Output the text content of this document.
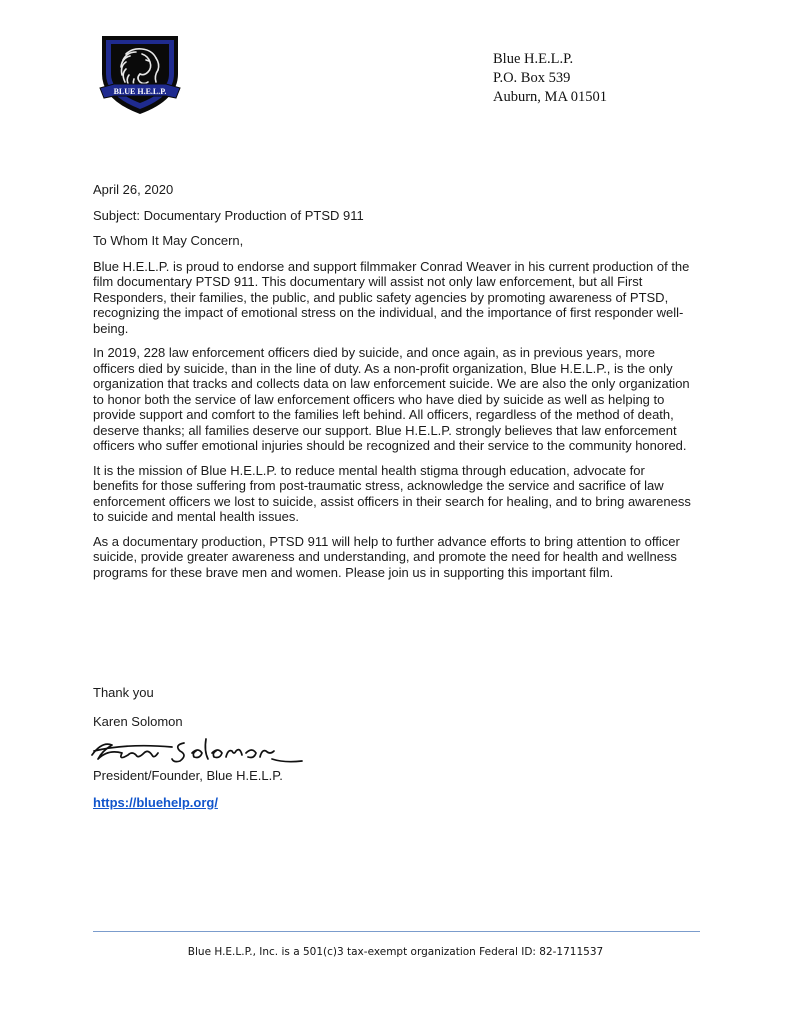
BLUE H.E.L.P.
Blue H.E.L.P.
P.O. Box 539
Auburn, MA 01501

April 26, 2020

Subject: Documentary Production of PTSD 911

To Whom It May Concern,

Blue H.E.L.P. is proud to endorse and support filmmaker Conrad Weaver in his current production of the film documentary PTSD 911. This documentary will assist not only law enforcement, but all First Responders, their families, the public, and public safety agencies by promoting awareness of PTSD, recognizing the impact of emotional stress on the individual, and the importance of first responder well-being.

In 2019, 228 law enforcement officers died by suicide, and once again, as in previous years, more officers died by suicide, than in the line of duty. As a non-profit organization, Blue H.E.L.P., is the only organization that tracks and collects data on law enforcement suicide. We are also the only organization to honor both the service of law enforcement officers who have died by suicide as well as helping to provide support and comfort to the families left behind. All officers, regardless of the method of death, deserve thanks; all families deserve our support. Blue H.E.L.P. strongly believes that law enforcement officers who suffer emotional injuries should be recognized and their service to the community honored.

It is the mission of Blue H.E.L.P. to reduce mental health stigma through education, advocate for benefits for those suffering from post-traumatic stress, acknowledge the service and sacrifice of law enforcement officers we lost to suicide, assist officers in their search for healing, and to bring awareness to suicide and mental health issues.

As a documentary production, PTSD 911 will help to further advance efforts to bring attention to officer suicide, provide greater awareness and understanding, and promote the need for health and wellness programs for these brave men and women. Please join us in supporting this important film.

Thank you

Karen Solomon
President/Founder, Blue H.E.L.P.
https://bluehelp.org/
Blue H.E.L.P., Inc. is a 501(c)3 tax-exempt organization Federal ID: 82-1711537
